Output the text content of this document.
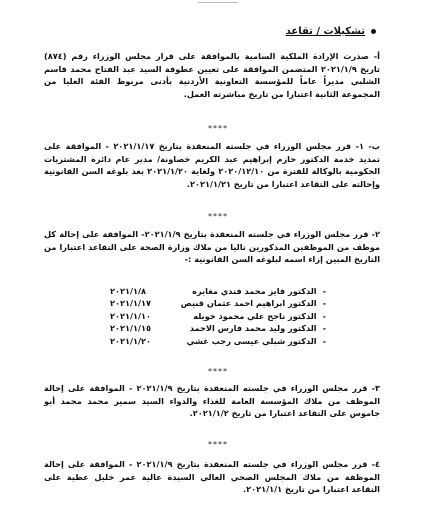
تشكيلات / تقاعد
أ- صدرت الإرادة الملكية السامية بالموافقة على قرار مجلس الوزراء رقم (٨٧٤) تاريخ ٢٠٢١/١/٩ المتضمن الموافقة على تعيين عطوفة السيد عبد الفتاح محمد قاسم الشلبي مديراً عاماً للمؤسسة التعاونية الأردنية بأدنى مربوط الفئة العليا من المجموعة الثانية اعتبارا من تاريخ مباشرته العمل.
****
ب- ١- قرر مجلس الوزراء في جلسته المنعقدة بتاريخ ٢٠٢١/١/١٧ - الموافقة على تمديد خدمة الدكتور حازم إبراهيم عبد الكريم خصاونة/ مدير عام دائرة المشتريات الحكومية بالوكالة للفترة من ٢٠٢٠/١٢/١٠ ولغاية ٢٠٢١/١/٢٠ بعد بلوغه السن القانونية وإحالته على التقاعد اعتبارا من تاريخ ٢٠٢١/١/٢١.
****
٢- قرر مجلس الوزراء في جلسته المنعقدة بتاريخ ٢٠٢١/١/٩- الموافقة على إحالة كل موظف من الموظفين المذكورين تاليا من ملاك وزارة الصحة على التقاعد اعتبارا من التاريخ المبين إزاء اسمه لبلوغه السن القانونية :-
-الدكتور فايز محمد فندي مغايره
٢٠٢١/١/٨
-الدكتور ابراهيم احمد عثمان قنيص
٢٠٢١/١/١٧
-الدكتور ناجح علي محمود خويله
٢٠٢١/١/١٠
-الدكتور وليد محمد فارس الاحمد
٢٠٢١/١/١٥
-الدكتور شبلي عيسى رجب غشي
٢٠٢١/١/٢٠
****
٣- قرر مجلس الوزراء في جلسته المنعقدة بتاريخ ٢٠٢١/١/٩ - الموافقة على إحالة الموظف من ملاك المؤسسة العامة للغذاء والدواء السيد سمير محمد محمد أبو جاموس على التقاعد اعتبارا من تاريخ ٢٠٢١/١/٢.
****
٤- قرر مجلس الوزراء في جلسته المنعقدة بتاريخ ٢٠٢١/١/٩ - الموافقة على إحالة الموظفة من ملاك المجلس الصحي العالي السيدة عالية عمر خليل عطية على التقاعد اعتبارا من تاريخ ٢٠٢١/١/١.
